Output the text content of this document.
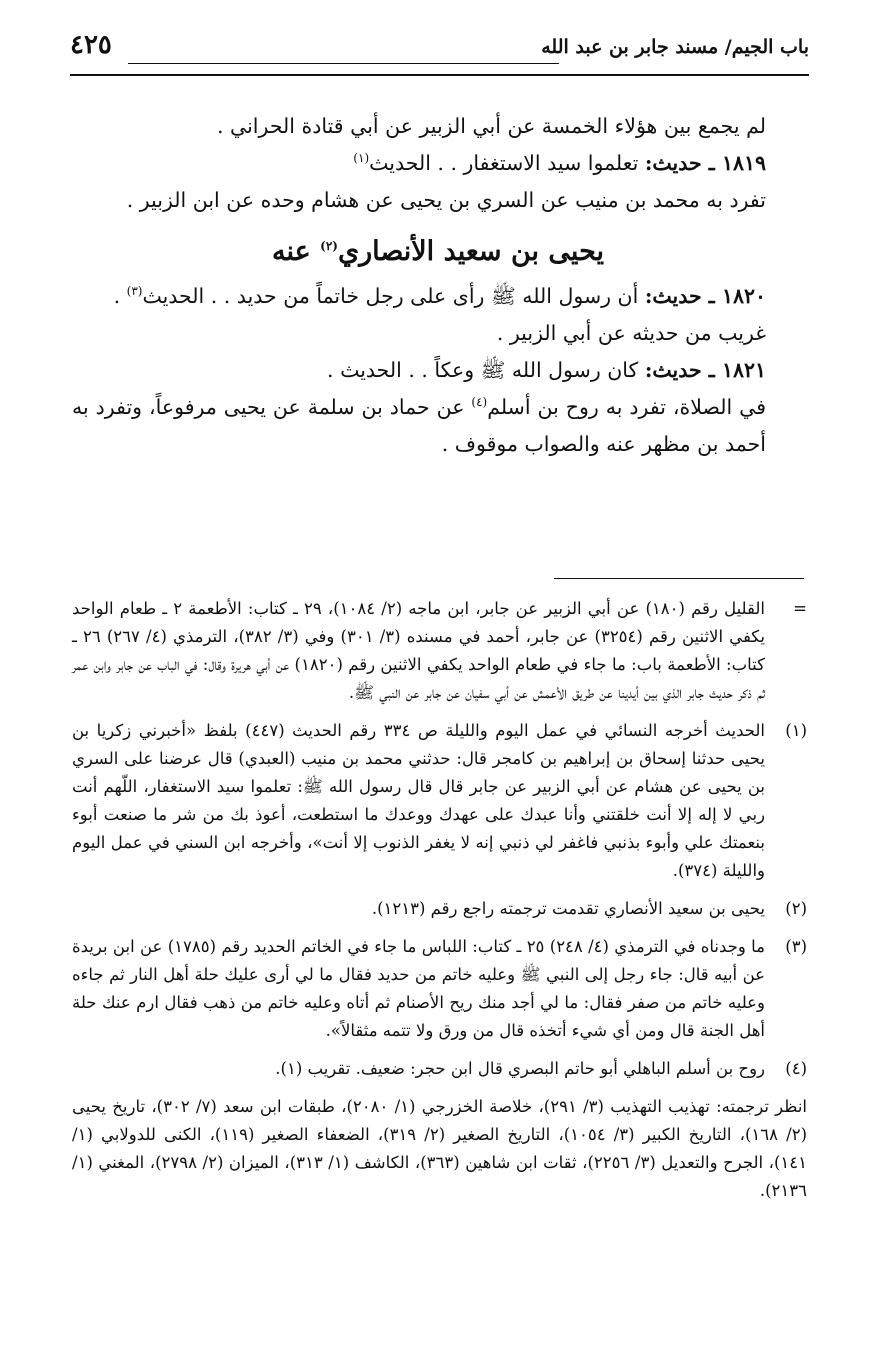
باب الجيم/ مسند جابر بن عبد الله
٤٢٥

لم يجمع بين هؤلاء الخمسة عن أبي الزبير عن أبي قتادة الحراني .

١٨١٩ ـ حديث: تعلموا سيد الاستغفار . . الحديث$^{(١)}$

تفرد به محمد بن منيب عن السري بن يحيى عن هشام وحده عن ابن الزبير .

يحيى بن سعيد الأنصاري$^{(٢)}$ عنه

١٨٢٠ ـ حديث: أن رسول الله ﷺ رأى على رجل خاتماً من حديد . . الحديث$^{(٣)}$ .

غريب من حديثه عن أبي الزبير .

١٨٢١ ـ حديث: كان رسول الله ﷺ وعكاً . . الحديث .

في الصلاة، تفرد به روح بن أسلم$^{(٤)}$ عن حماد بن سلمة عن يحيى مرفوعاً، وتفرد به أحمد بن مظهر عنه والصواب موقوف .

=

القليل رقم (١٨٠) عن أبي الزبير عن جابر، ابن ماجه (٢/ ١٠٨٤)، ٢٩ ـ كتاب: الأطعمة ٢ ـ طعام الواحد يكفي الاثنين رقم (٣٢٥٤) عن جابر، أحمد في مسنده (٣/ ٣٠١) وفي (٣/ ٣٨٢)، الترمذي (٤/ ٢٦٧) ٢٦ ـ كتاب: الأطعمة باب: ما جاء في طعام الواحد يكفي الاثنين رقم (١٨٢٠) عن أبي هريرة وقال: في الباب عن جابر وابن عمر ثم ذكر حديث جابر الذي بين أيدينا عن طريق الأعمش عن أبي سفيان عن جابر عن النبي ﷺ.

(١)

الحديث أخرجه النسائي في عمل اليوم والليلة ص ٣٣٤ رقم الحديث (٤٤٧) بلفظ «أخبرني زكريا بن يحيى حدثنا إسحاق بن إبراهيم بن كامجر قال: حدثني محمد بن منيب (العبدي) قال عرضنا على السري بن يحيى عن هشام عن أبي الزبير عن جابر قال قال رسول الله ﷺ: تعلموا سيد الاستغفار، اللّهم أنت ربي لا إله إلا أنت خلقتني وأنا عبدك على عهدك ووعدك ما استطعت، أعوذ بك من شر ما صنعت أبوء بنعمتك علي وأبوء بذنبي فاغفر لي ذنبي إنه لا يغفر الذنوب إلا أنت»، وأخرجه ابن السني في عمل اليوم والليلة (٣٧٤).

(٢)

يحيى بن سعيد الأنصاري تقدمت ترجمته راجع رقم (١٢١٣).

(٣)

ما وجدناه في الترمذي (٤/ ٢٤٨) ٢٥ ـ كتاب: اللباس ما جاء في الخاتم الحديد رقم (١٧٨٥) عن ابن بريدة عن أبيه قال: جاء رجل إلى النبي ﷺ وعليه خاتم من حديد فقال ما لي أرى عليك حلة أهل النار ثم جاءه وعليه خاتم من صفر فقال: ما لي أجد منك ريح الأصنام ثم أتاه وعليه خاتم من ذهب فقال ارم عنك حلة أهل الجنة قال ومن أي شيء أتخذه قال من ورق ولا تتمه مثقالاً».

(٤)

روح بن أسلم الباهلي أبو حاتم البصري قال ابن حجر: ضعيف. تقريب (١).

انظر ترجمته: تهذيب التهذيب (٣/ ٢٩١)، خلاصة الخزرجي (١/ ٢٠٨٠)، طبقات ابن سعد (٧/ ٣٠٢)، تاريخ يحيى (٢/ ١٦٨)، التاريخ الكبير (٣/ ١٠٥٤)، التاريخ الصغير (٢/ ٣١٩)، الضعفاء الصغير (١١٩)، الكنى للدولابي (١/ ١٤١)، الجرح والتعديل (٣/ ٢٢٥٦)، ثقات ابن شاهين (٣٦٣)، الكاشف (١/ ٣١٣)، الميزان (٢/ ٢٧٩٨)، المغني (١/ ٢١٣٦).
